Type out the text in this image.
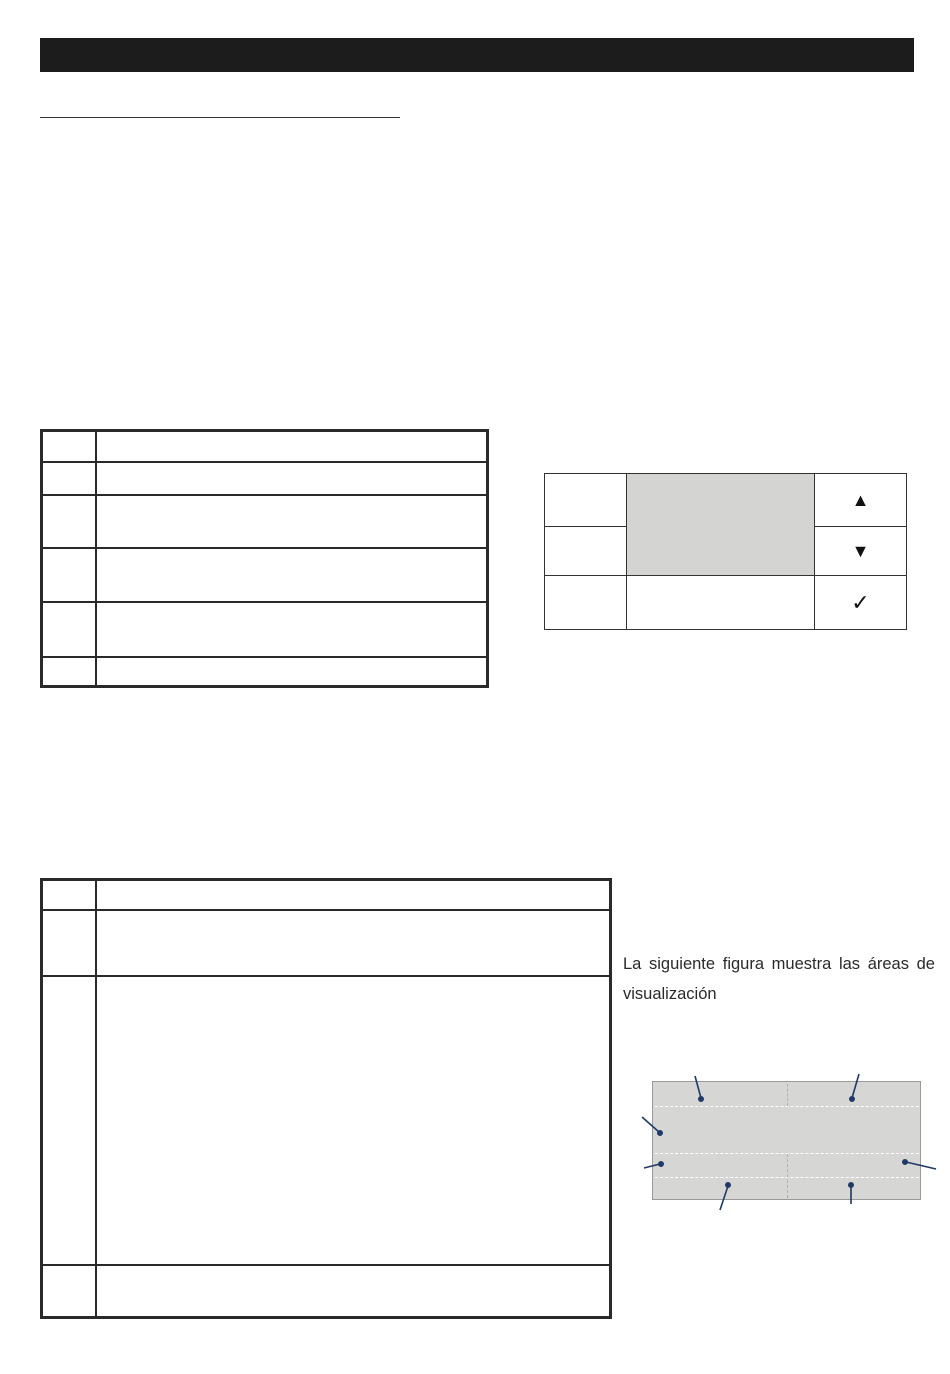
▲
▼
✓

La siguiente figura muestra las áreas de visualización
